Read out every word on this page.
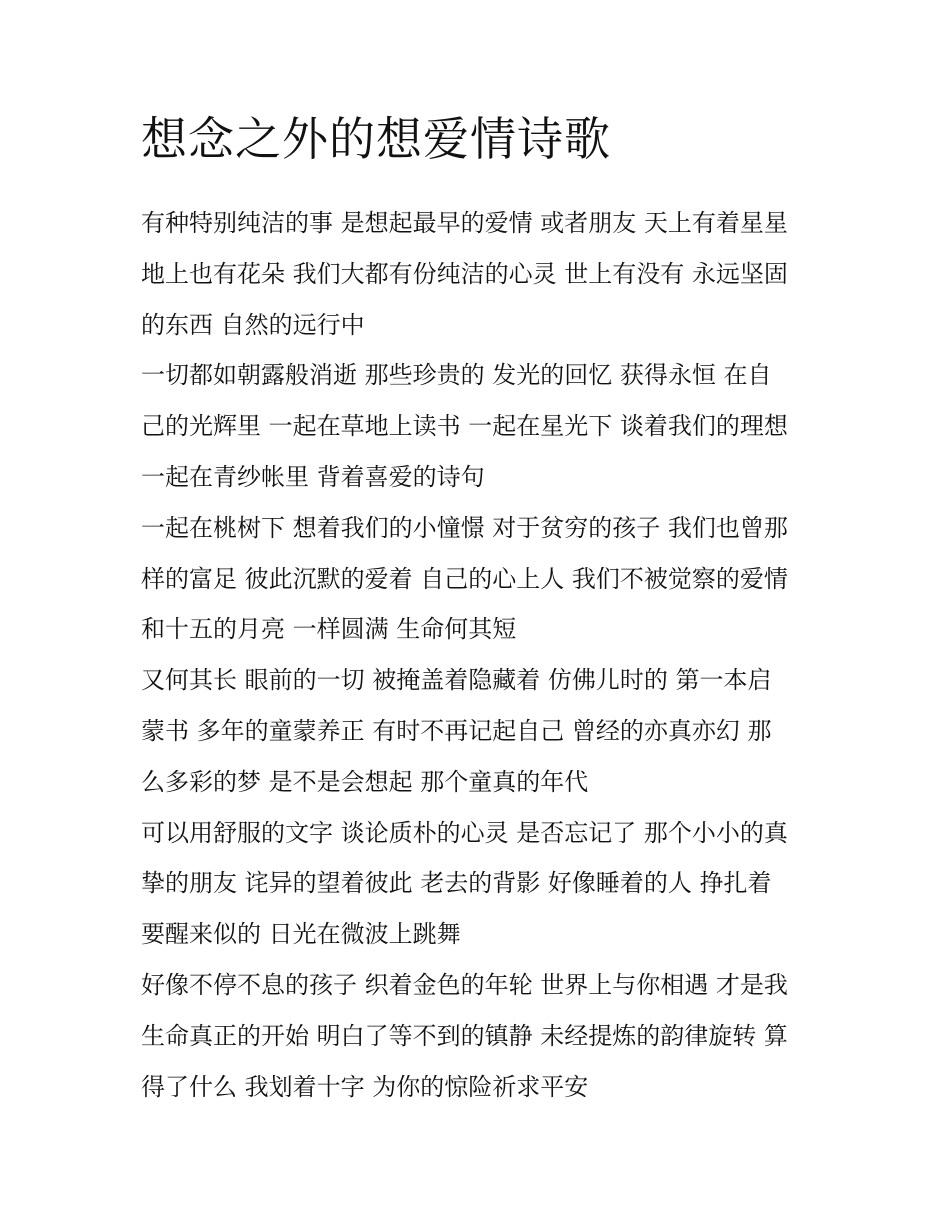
想念之外的想爱情诗歌
有种特别纯洁的事 是想起最早的爱情 或者朋友 天上有着星星
地上也有花朵 我们大都有份纯洁的心灵 世上有没有 永远坚固
的东西 自然的远行中
一切都如朝露般消逝 那些珍贵的 发光的回忆 获得永恒 在自
己的光辉里 一起在草地上读书 一起在星光下 谈着我们的理想
一起在青纱帐里 背着喜爱的诗句
一起在桃树下 想着我们的小憧憬 对于贫穷的孩子 我们也曾那
样的富足 彼此沉默的爱着 自己的心上人 我们不被觉察的爱情
和十五的月亮 一样圆满 生命何其短
又何其长 眼前的一切 被掩盖着隐藏着 仿佛儿时的 第一本启
蒙书 多年的童蒙养正 有时不再记起自己 曾经的亦真亦幻 那
么多彩的梦 是不是会想起 那个童真的年代
可以用舒服的文字 谈论质朴的心灵 是否忘记了 那个小小的真
挚的朋友 诧异的望着彼此 老去的背影 好像睡着的人 挣扎着
要醒来似的 日光在微波上跳舞
好像不停不息的孩子 织着金色的年轮 世界上与你相遇 才是我
生命真正的开始 明白了等不到的镇静 未经提炼的韵律旋转 算
得了什么 我划着十字 为你的惊险祈求平安
